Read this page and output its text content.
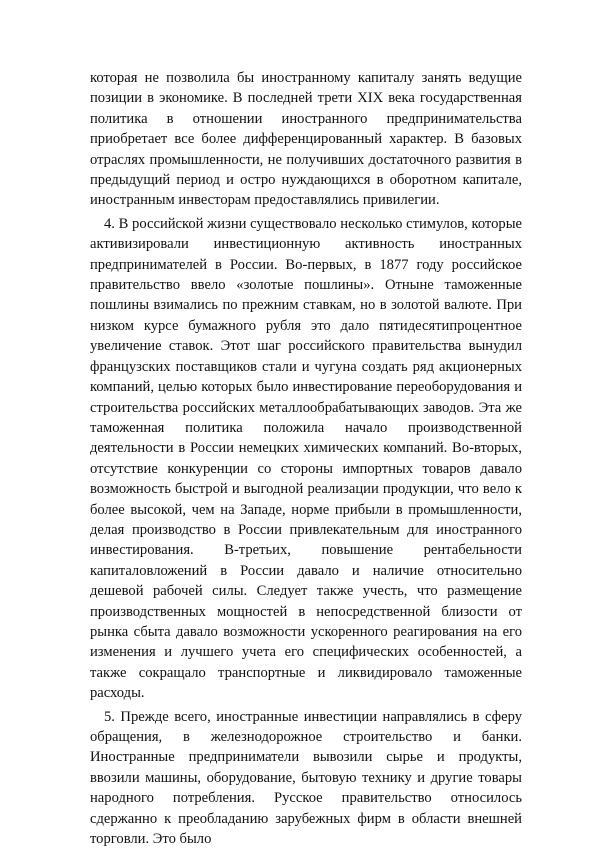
которая не позволила бы иностранному капиталу занять ведущие позиции в экономике. В последней трети XIX века государственная политика в отношении иностранного предпринимательства приобретает все более дифференцированный характер. В базовых отраслях промышленности, не получивших достаточного развития в предыдущий период и остро нуждающихся в оборотном капитале, иностранным инвесторам предоставлялись привилегии.

4. В российской жизни существовало несколько стимулов, которые активизировали инвестиционную активность иностранных предпринимателей в России. Во-первых, в 1877 году российское правительство ввело «золотые пошлины». Отныне таможенные пошлины взимались по прежним ставкам, но в золотой валюте. При низком курсе бумажного рубля это дало пятидесятипроцентное увеличение ставок. Этот шаг российского правительства вынудил французских поставщиков стали и чугуна создать ряд акционерных компаний, целью которых было инвестирование переоборудования и строительства российских металлообрабатывающих заводов. Эта же таможенная политика положила начало производственной деятельности в России немецких химических компаний. Во-вторых, отсутствие конкуренции со стороны импортных товаров давало возможность быстрой и выгодной реализации продукции, что вело к более высокой, чем на Западе, норме прибыли в промышленности, делая производство в России привлекательным для иностранного инвестирования. В-третьих, повышение рентабельности капиталовложений в России давало и наличие относительно дешевой рабочей силы. Следует также учесть, что размещение производственных мощностей в непосредственной близости от рынка сбыта давало возможности ускоренного реагирования на его изменения и лучшего учета его специфических особенностей, а также сокращало транспортные и ликвидировало таможенные расходы.

5. Прежде всего, иностранные инвестиции направлялись в сферу обращения, в железнодорожное строительство и банки. Иностранные предприниматели вывозили сырье и продукты, ввозили машины, оборудование, бытовую технику и другие товары народного потребления. Русское правительство относилось сдержанно к преобладанию зарубежных фирм в области внешней торговли. Это было
